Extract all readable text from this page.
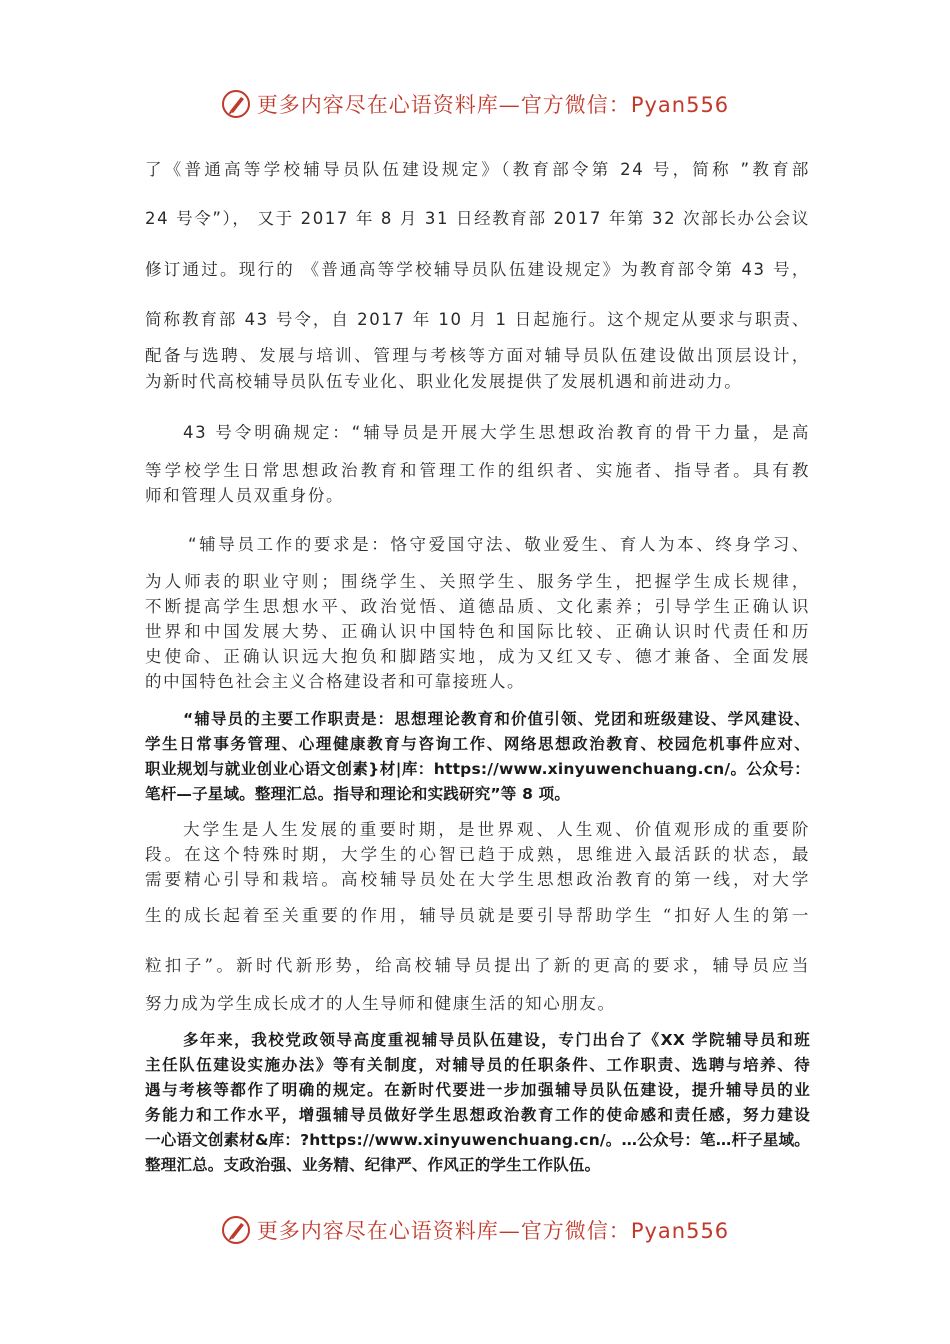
更多内容尽在心语资料库—官方微信：Pyan556
了《普通高等学校辅导员队伍建设规定》（教育部令第 24 号，简称 ”教育部
24 号令”）， 又于 2017 年 8 月 31 日经教育部 2017 年第 32 次部长办公会议
修订通过。现行的 《普通高等学校辅导员队伍建设规定》为教育部令第 43 号，
简称教育部 43 号令，自 2017 年 10 月 1 日起施行。这个规定从要求与职责、
配备与选聘、发展与培训、管理与考核等方面对辅导员队伍建设做出顶层设计，
为新时代高校辅导员队伍专业化、职业化发展提供了发展机遇和前进动力。
43 号令明确规定：“辅导员是开展大学生思想政治教育的骨干力量，是高
等学校学生日常思想政治教育和管理工作的组织者、实施者、指导者。具有教
师和管理人员双重身份。
“辅导员工作的要求是：恪守爱国守法、敬业爱生、育人为本、终身学习、
为人师表的职业守则；围绕学生、关照学生、服务学生，把握学生成长规律，
不断提高学生思想水平、政治觉悟、道德品质、文化素养；引导学生正确认识
世界和中国发展大势、正确认识中国特色和国际比较、正确认识时代责任和历
史使命、正确认识远大抱负和脚踏实地，成为又红又专、德才兼备、全面发展
的中国特色社会主义合格建设者和可靠接班人。
“辅导员的主要工作职责是：思想理论教育和价值引领、党团和班级建设、学风建设、
学生日常事务管理、心理健康教育与咨询工作、网络思想政治教育、校园危机事件应对、
职业规划与就业创业心语文创素}材|库：https://www.xinyuwenchuang.cn/。公众号：
笔杆—子星域。整理汇总。指导和理论和实践研究”等 8 项。
大学生是人生发展的重要时期，是世界观、人生观、价值观形成的重要阶
段。在这个特殊时期，大学生的心智已趋于成熟，思维进入最活跃的状态，最
需要精心引导和栽培。高校辅导员处在大学生思想政治教育的第一线，对大学
生的成长起着至关重要的作用，辅导员就是要引导帮助学生 “扣好人生的第一
粒扣子”。新时代新形势，给高校辅导员提出了新的更高的要求，辅导员应当
努力成为学生成长成才的人生导师和健康生活的知心朋友。
多年来，我校党政领导高度重视辅导员队伍建设，专门出台了《XX 学院辅导员和班
主任队伍建设实施办法》等有关制度，对辅导员的任职条件、工作职责、选聘与培养、待
遇与考核等都作了明确的规定。在新时代要进一步加强辅导员队伍建设，提升辅导员的业
务能力和工作水平，增强辅导员做好学生思想政治教育工作的使命感和责任感，努力建设
一心语文创素材&库：?https://www.xinyuwenchuang.cn/。…公众号：笔…杆子星域。
整理汇总。支政治强、业务精、纪律严、作风正的学生工作队伍。
更多内容尽在心语资料库—官方微信：Pyan556
